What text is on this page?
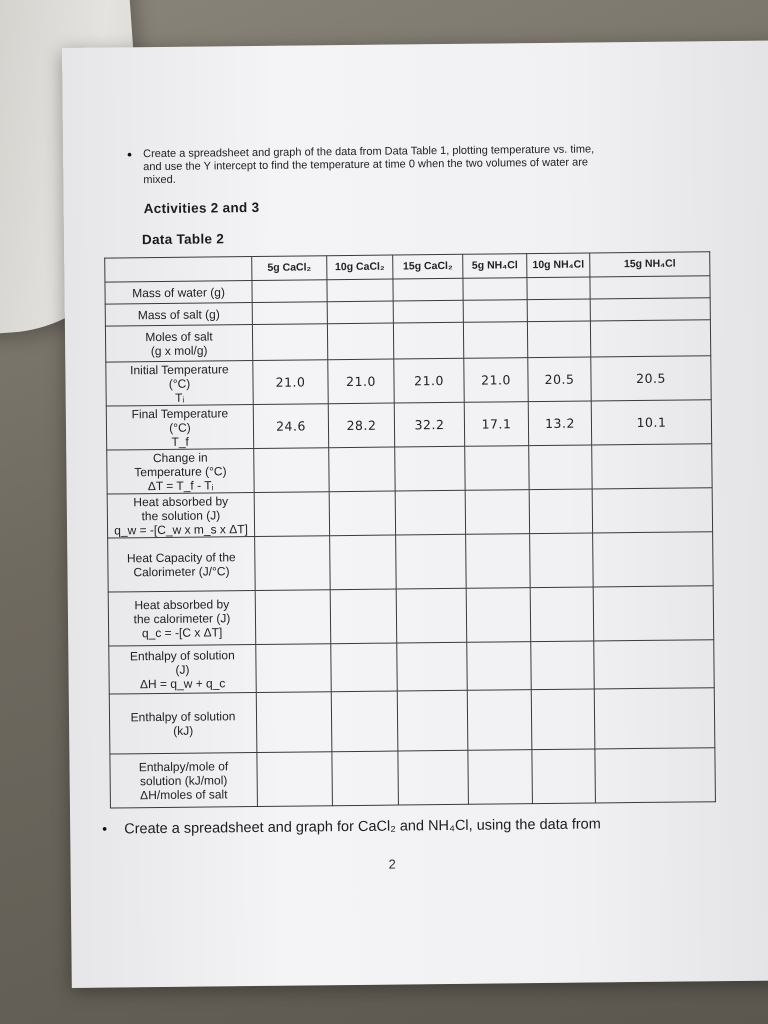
• Create a spreadsheet and graph of the data from Data Table 1, plotting temperature vs. time, and use the Y intercept to find the temperature at time 0 when the two volumes of water are mixed.
Activities 2 and 3
Data Table 2
	5g CaCl₂	10g CaCl₂	15g CaCl₂	5g NH₄Cl	10g NH₄Cl	15g NH₄Cl

Mass of water (g)						

Mass of salt (g)						

Moles of salt
(g x mol/g)						

Initial Temperature
(°C)
Tᵢ	21.0	21.0	21.0	21.0	20.5	20.5

Final Temperature
(°C)
T_f	24.6	28.2	32.2	17.1	13.2	10.1

Change in
Temperature (°C)
ΔT = T_f - Tᵢ						

Heat absorbed by
the solution (J)
q_w = -[C_w x m_s x ΔT]						

Heat Capacity of the
Calorimeter (J/°C)						

Heat absorbed by
the calorimeter (J)
q_c = -[C x ΔT]						

Enthalpy of solution
(J)
ΔH = q_w + q_c						

Enthalpy of solution
(kJ)						

Enthalpy/mole of
solution (kJ/mol)
ΔH/moles of salt						

• Create a spreadsheet and graph for CaCl₂ and NH₄Cl, using the data from
2
